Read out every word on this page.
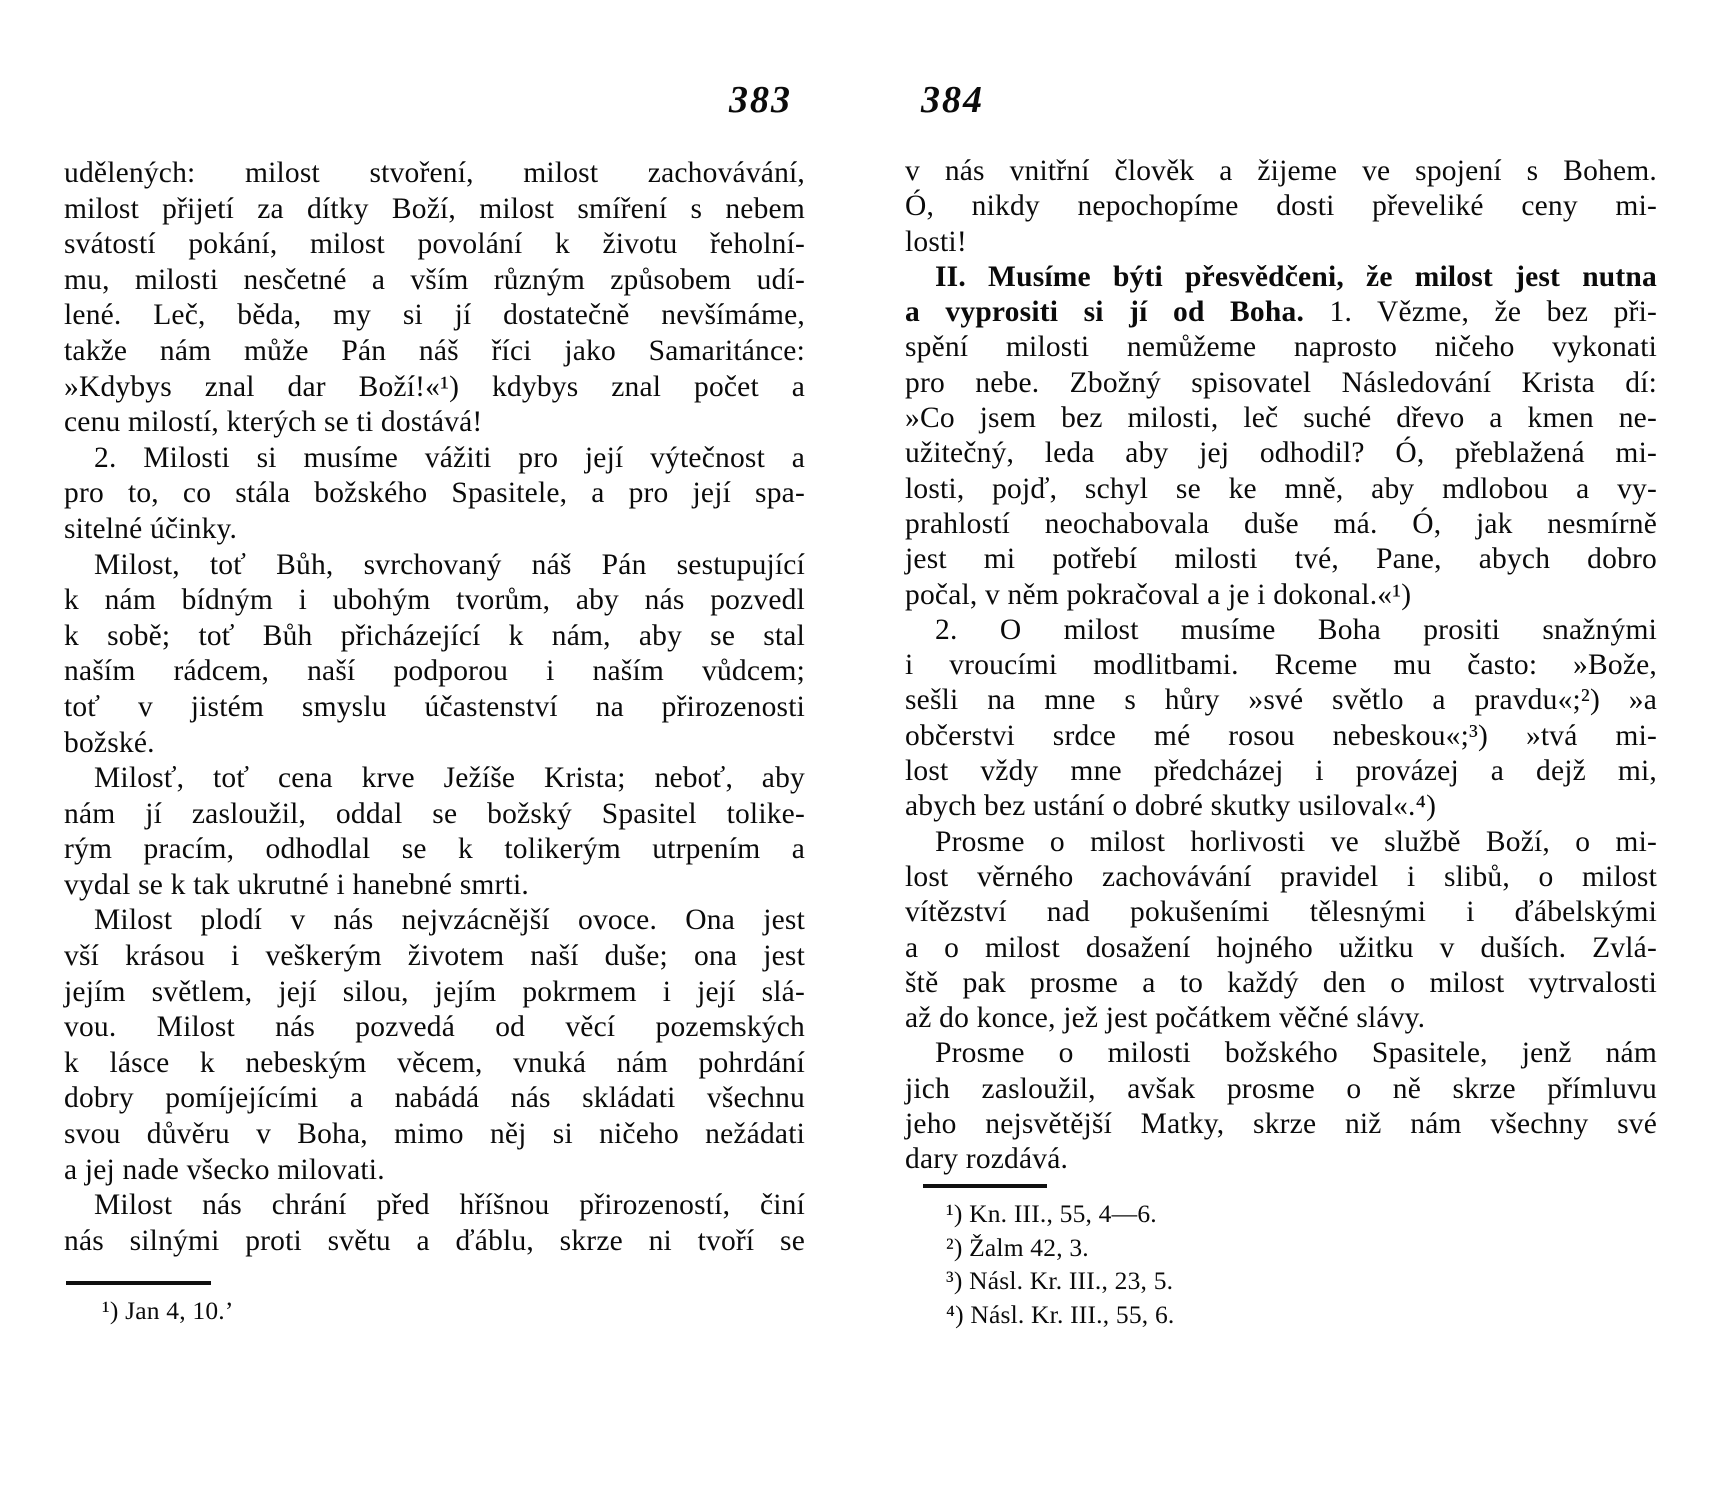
383	384
udělených: milost stvoření, milost zachovávání,
milost přijetí za dítky Boží, milost smíření s nebem
svátostí pokání, milost povolání k životu řeholní-
mu, milosti nesčetné a vším různým způsobem udí-
lené. Leč, běda, my si jí dostatečně nevšímáme,
takže nám může Pán náš říci jako Samaritánce:
»Kdybys znal dar Boží!«¹) kdybys znal počet a
cenu milostí, kterých se ti dostává!
2. Milosti si musíme vážiti pro její výtečnost a
pro to, co stála božského Spasitele, a pro její spa-
sitelné účinky.
Milost, toť Bůh, svrchovaný náš Pán sestupující
k nám bídným i ubohým tvorům, aby nás pozvedl
k sobě; toť Bůh přicházející k nám, aby se stal
naším rádcem, naší podporou i naším vůdcem;
toť v jistém smyslu účastenství na přirozenosti
božské.
Milosť, toť cena krve Ježíše Krista; neboť, aby
nám jí zasloužil, oddal se božský Spasitel tolike-
rým pracím, odhodlal se k tolikerým utrpením a
vydal se k tak ukrutné i hanebné smrti.
Milost plodí v nás nejvzácnější ovoce. Ona jest
vší krásou i veškerým životem naší duše; ona jest
jejím světlem, její silou, jejím pokrmem i její slá-
vou. Milost nás pozvedá od věcí pozemských
k lásce k nebeským věcem, vnuká nám pohrdání
dobry pomíjejícími a nabádá nás skládati všechnu
svou důvěru v Boha, mimo něj si ničeho nežádati
a jej nade všecko milovati.
Milost nás chrání před hříšnou přirozeností, činí
nás silnými proti světu a ďáblu, skrze ni tvoří se
v nás vnitřní člověk a žijeme ve spojení s Bohem.
Ó, nikdy nepochopíme dosti převeliké ceny mi-
losti!
II. Musíme býti přesvědčeni, že milost jest nutna
a vyprositi si jí od Boha. 1. Vězme, že bez při-
spění milosti nemůžeme naprosto ničeho vykonati
pro nebe. Zbožný spisovatel Následování Krista dí:
»Co jsem bez milosti, leč suché dřevo a kmen ne-
užitečný, leda aby jej odhodil? Ó, přeblažená mi-
losti, pojď, schyl se ke mně, aby mdlobou a vy-
prahlostí neochabovala duše má. Ó, jak nesmírně
jest mi potřebí milosti tvé, Pane, abych dobro
počal, v něm pokračoval a je i dokonal.«¹)
2. O milost musíme Boha prositi snažnými
i vroucími modlitbami. Rceme mu často: »Bože,
sešli na mne s hůry »své světlo a pravdu«;²) »a
občerstvi srdce mé rosou nebeskou«;³) »tvá mi-
lost vždy mne předcházej i provázej a dejž mi,
abych bez ustání o dobré skutky usiloval«.⁴)
Prosme o milost horlivosti ve službě Boží, o mi-
lost věrného zachovávání pravidel i slibů, o milost
vítězství nad pokušeními tělesnými i ďábelskými
a o milost dosažení hojného užitku v duších. Zvlá-
ště pak prosme a to každý den o milost vytrvalosti
až do konce, jež jest počátkem věčné slávy.
Prosme o milosti božského Spasitele, jenž nám
jich zasloužil, avšak prosme o ně skrze přímluvu
jeho nejsvětější Matky, skrze niž nám všechny své
dary rozdává.
¹) Jan 4, 10.’
¹) Kn. III., 55, 4—6.
²) Žalm 42, 3.
³) Násl. Kr. III., 23, 5.
⁴) Násl. Kr. III., 55, 6.
